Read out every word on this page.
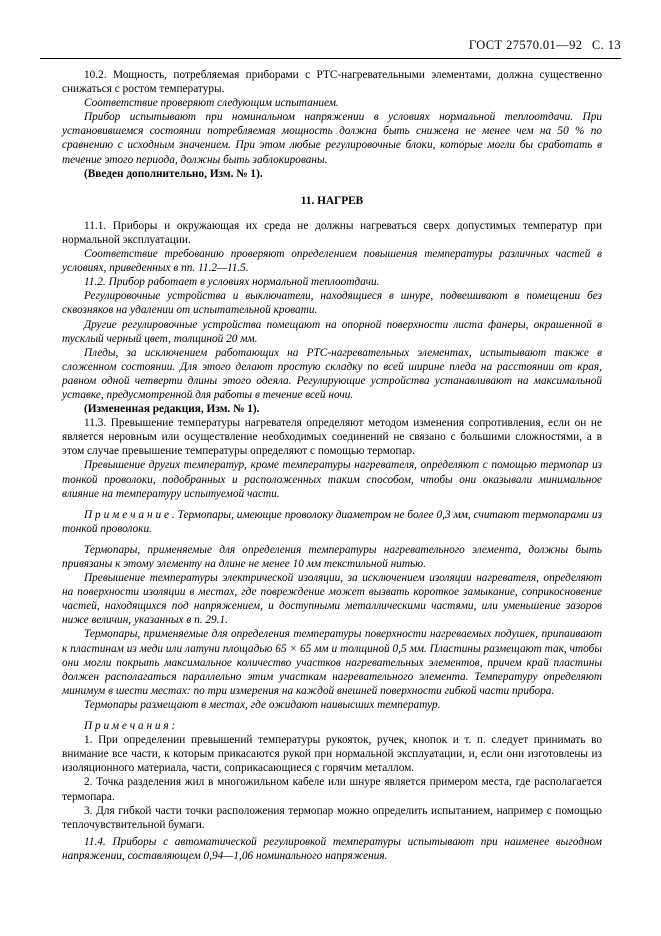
ГОСТ 27570.01—92 С. 13

10.2. Мощность, потребляемая приборами с РТС-нагревательными элементами, должна существенно снижаться с ростом температуры.

Соответствие проверяют следующим испытанием.

Прибор испытывают при номинальном напряжении в условиях нормальной теплоотдачи. При установившемся состоянии потребляемая мощность должна быть снижена не менее чем на 50 % по сравнению с исходным значением. При этом любые регулировочные блоки, которые могли бы сработать в течение этого периода, должны быть заблокированы.

(Введен дополнительно, Изм. № 1).

11. НАГРЕВ

11.1. Приборы и окружающая их среда не должны нагреваться сверх допустимых температур при нормальной эксплуатации.

Соответствие требованию проверяют определением повышения температуры различных частей в условиях, приведенных в пп. 11.2—11.5.

11.2. Прибор работает в условиях нормальной теплоотдачи.

Регулировочные устройства и выключатели, находящиеся в шнуре, подвешивают в помещении без сквозняков на удалении от испытательной кровати.

Другие регулировочные устройства помещают на опорной поверхности листа фанеры, окрашенной в тусклый черный цвет, толщиной 20 мм.

Пледы, за исключением работающих на РТС-нагревательных элементах, испытывают также в сложенном состоянии. Для этого делают простую складку по всей ширине пледа на расстоянии от края, равном одной четверти длины этого одеяла. Регулирующие устройства устанавливают на максимальной уставке, предусмотренной для работы в течение всей ночи.

(Измененная редакция, Изм. № 1).

11.3. Превышение температуры нагревателя определяют методом изменения сопротивления, если он не является неровным или осуществление необходимых соединений не связано с большими сложностями, а в этом случае превышение температуры определяют с помощью термопар.

Превышение других температур, кроме температуры нагревателя, определяют с помощью термопар из тонкой проволоки, подобранных и расположенных таким способом, чтобы они оказывали минимальное влияние на температуру испытуемой части.

П р и м е ч а н и е . Термопары, имеющие проволоку диаметром не более 0,3 мм, считают термопарами из тонкой проволоки.

Термопары, применяемые для определения температуры нагревательного элемента, должны быть привязаны к этому элементу на длине не менее 10 мм текстильной нитью.

Превышение температуры электрической изоляции, за исключением изоляции нагревателя, определяют на поверхности изоляции в местах, где повреждение может вызвать короткое замыкание, соприкосновение частей, находящихся под напряжением, и доступными металлическими частями, или уменьшение зазоров ниже величин, указанных в п. 29.1.

Термопары, применяемые для определения температуры поверхности нагреваемых подушек, припаивают к пластинам из меди или латуни площадью 65 × 65 мм и толщиной 0,5 мм. Пластины размещают так, чтобы они могли покрыть максимальное количество участков нагревательных элементов, причем край пластины должен располагаться параллельно этим участкам нагревательного элемента. Температуру определяют минимум в шести местах: по три измерения на каждой внешней поверхности гибкой части прибора.

Термопары размещают в местах, где ожидают наивысших температур.

П р и м е ч а н и я :

1. При определении превышений температуры рукояток, ручек, кнопок и т. п. следует принимать во внимание все части, к которым прикасаются рукой при нормальной эксплуатации, и, если они изготовлены из изоляционного материала, части, соприкасающиеся с горячим металлом.

2. Точка разделения жил в многожильном кабеле или шнуре является примером места, где располагается термопара.

3. Для гибкой части точки расположения термопар можно определить испытанием, например с помощью теплочувствительной бумаги.

11.4. Приборы с автоматической регулировкой температуры испытывают при наименее выгодном напряжении, составляющем 0,94—1,06 номинального напряжения.
